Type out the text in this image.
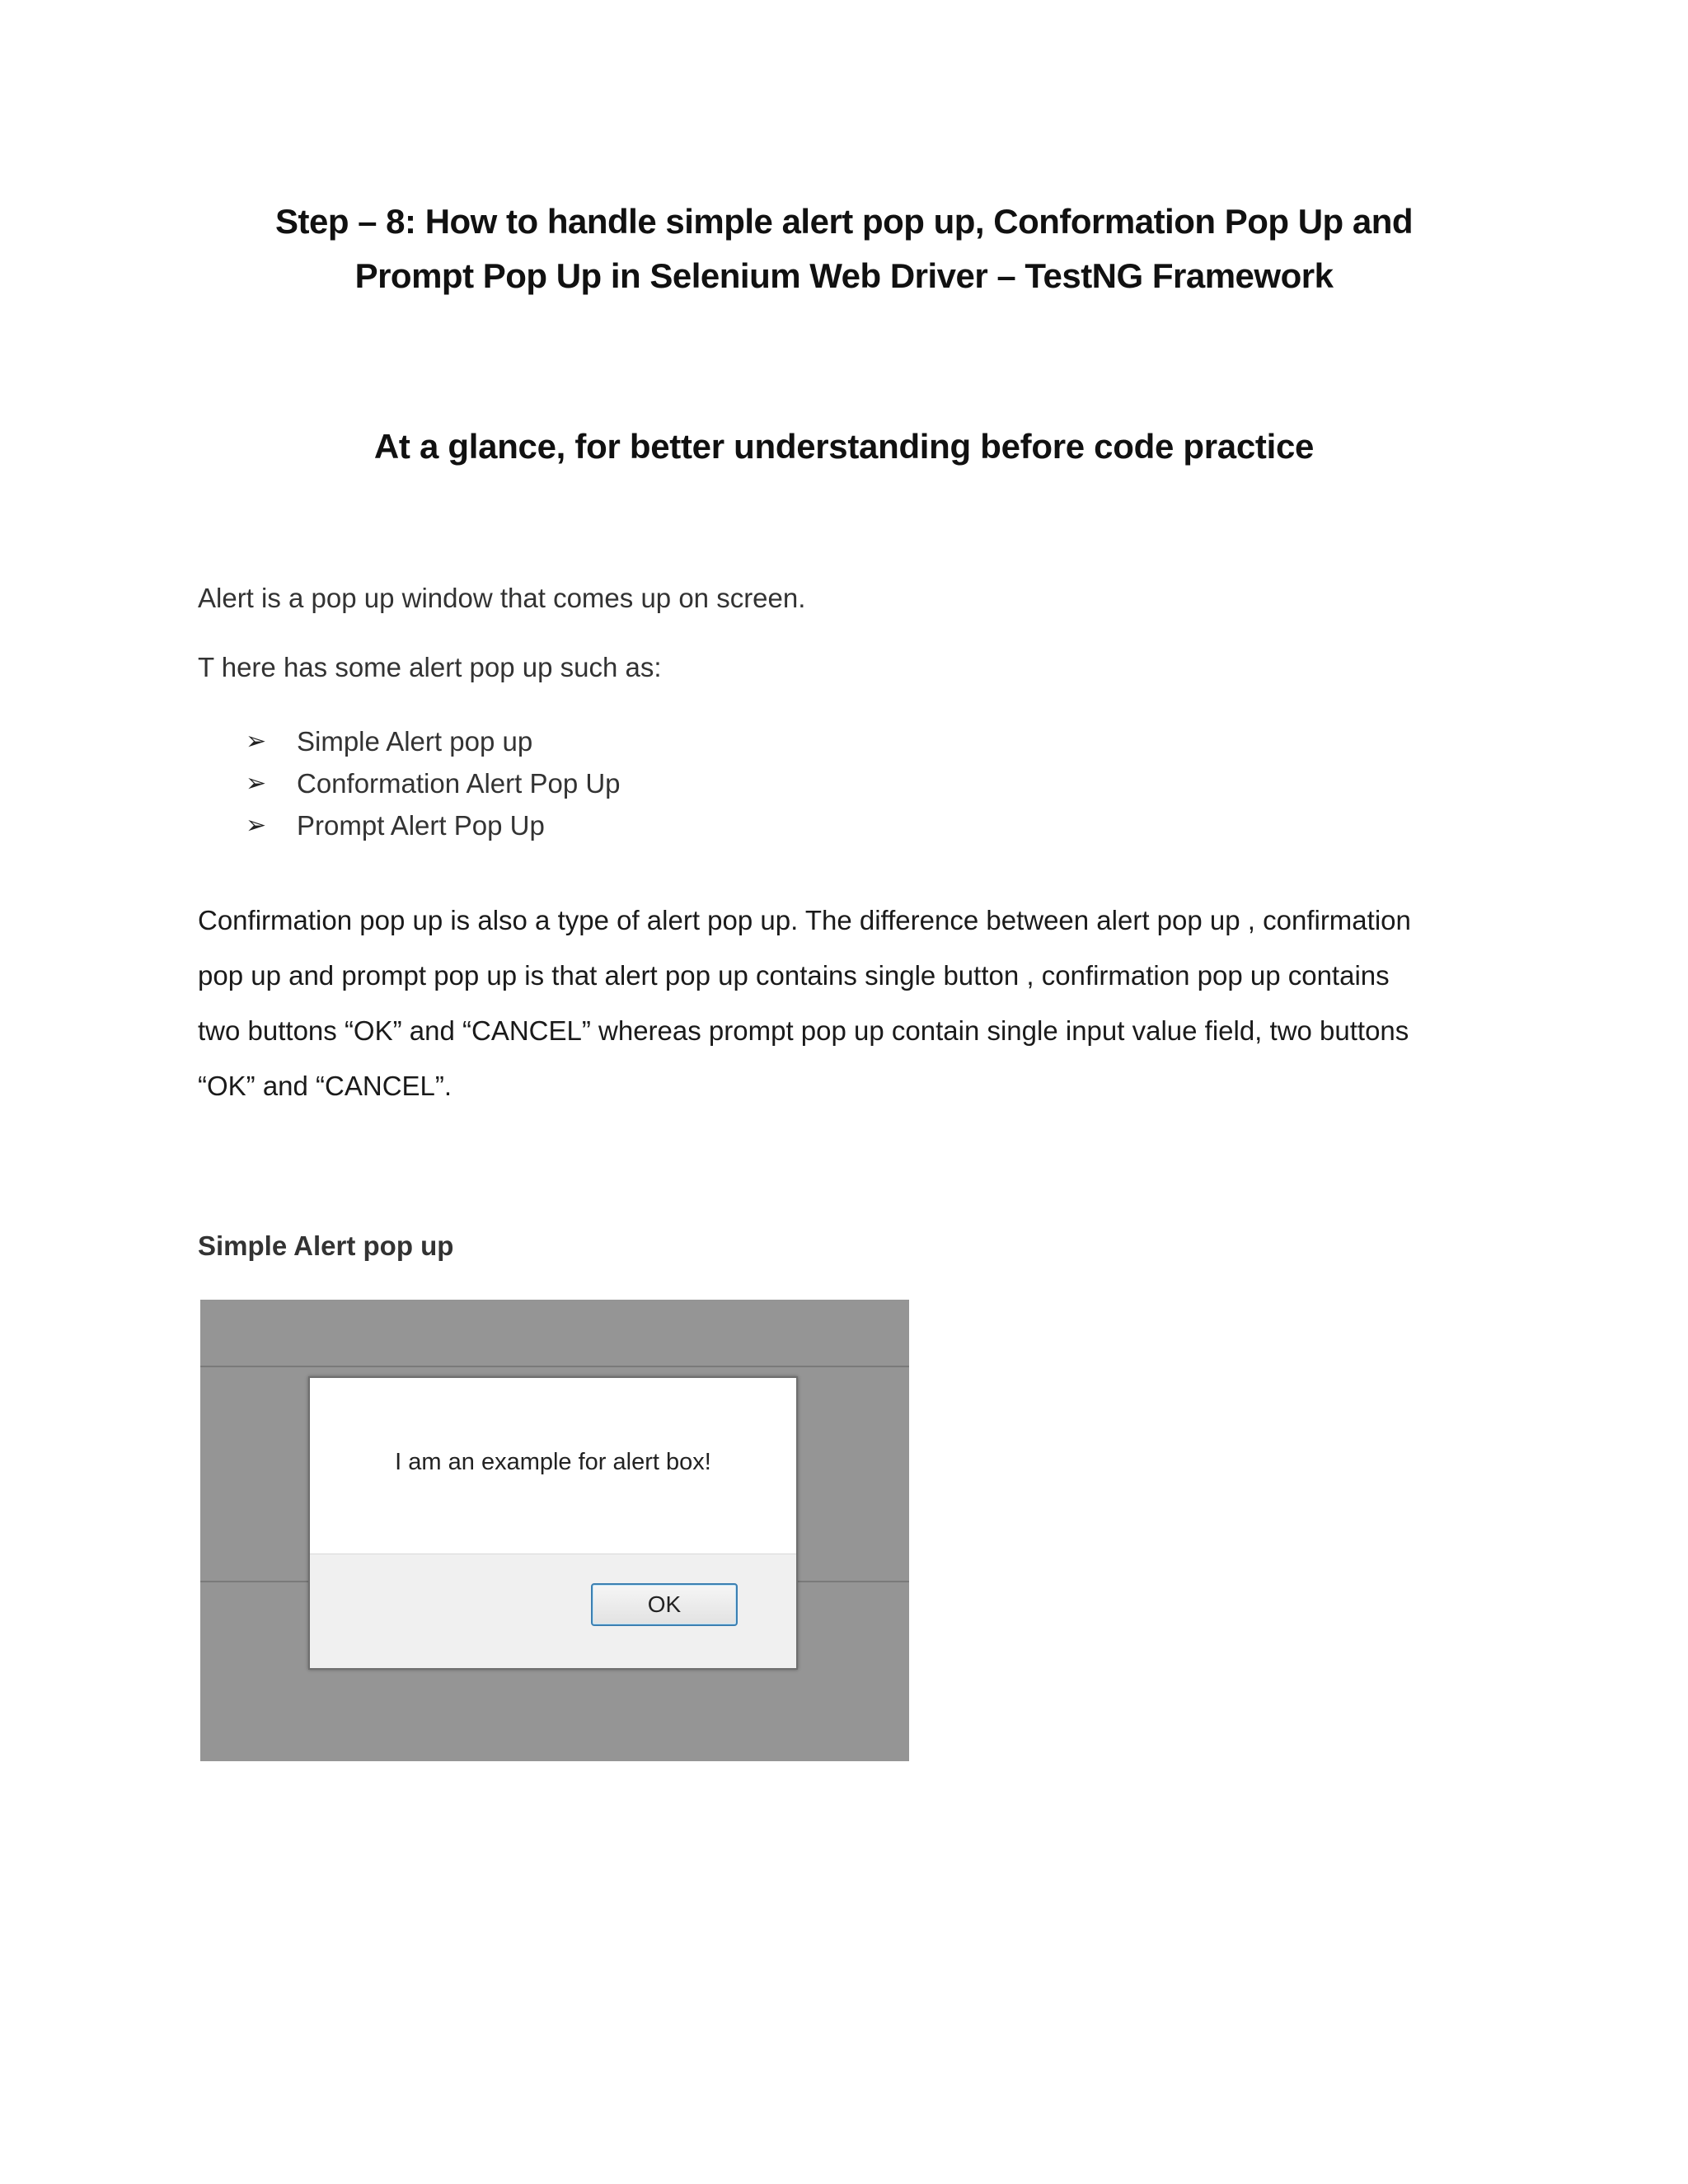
Step – 8: How to handle simple alert pop up, Conformation Pop Up and
Prompt Pop Up in Selenium Web Driver – TestNG Framework
At a glance, for better understanding before code practice
Alert is a pop up window that comes up on screen.
T here has some alert pop up such as:
➢ Simple Alert pop up
➢ Conformation Alert Pop Up
➢ Prompt Alert Pop Up
Confirmation pop up is also a type of alert pop up. The difference between alert pop up , confirmation
pop up and prompt pop up is that alert pop up contains single button , confirmation pop up contains
two buttons “OK” and “CANCEL” whereas prompt pop up contain single input value field, two buttons
“OK” and “CANCEL”.
Simple Alert pop up
I am an example for alert box!
OK
